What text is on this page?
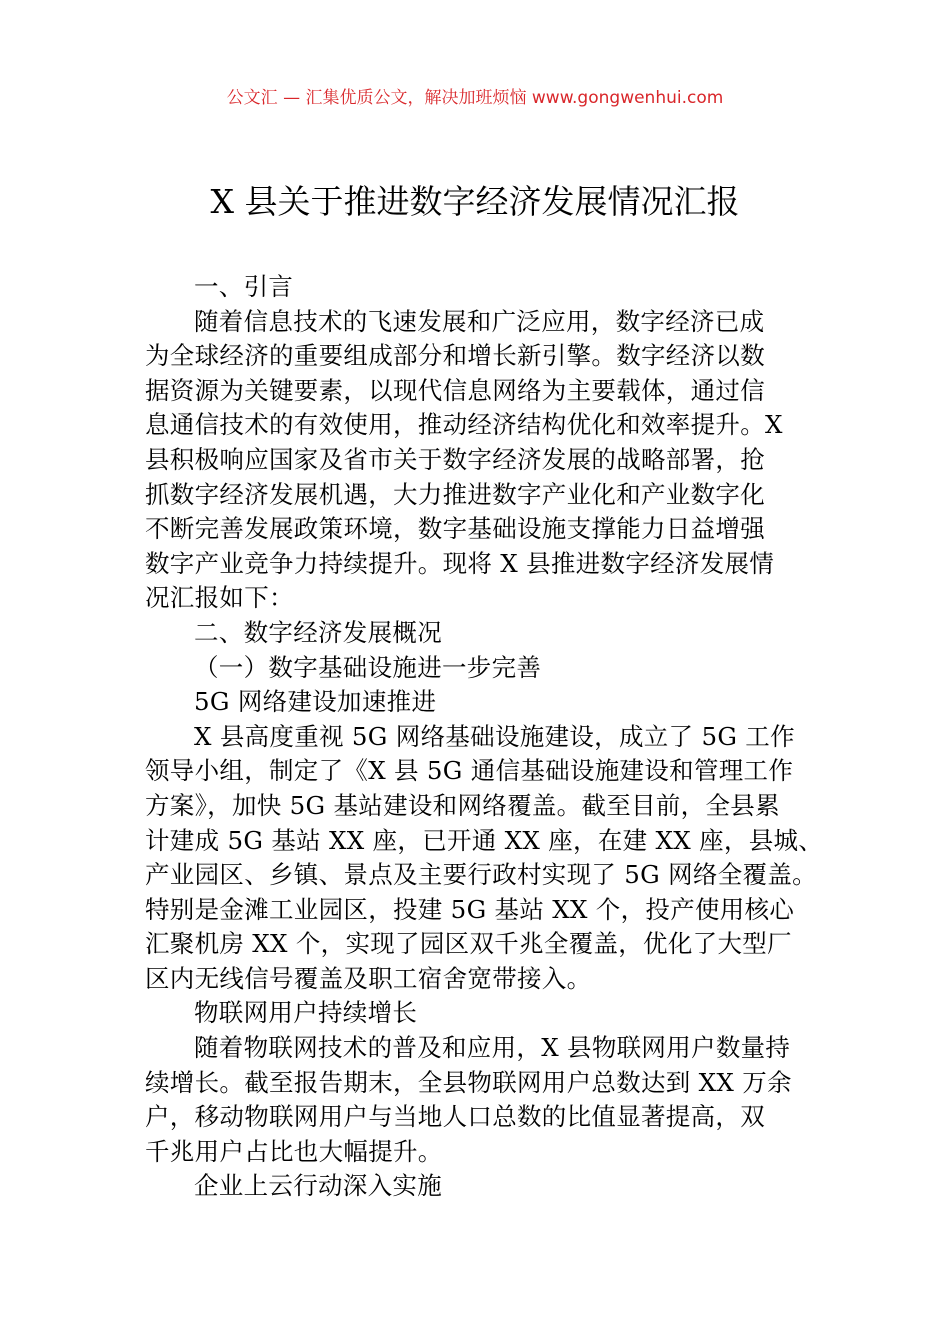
公文汇 — 汇集优质公文，解决加班烦恼 www.gongwenhui.com
X 县关于推进数字经济发展情况汇报
一、引言
随着信息技术的飞速发展和广泛应用，数字经济已成
为全球经济的重要组成部分和增长新引擎。数字经济以数
据资源为关键要素，以现代信息网络为主要载体，通过信
息通信技术的有效使用，推动经济结构优化和效率提升。X
县积极响应国家及省市关于数字经济发展的战略部署，抢
抓数字经济发展机遇，大力推进数字产业化和产业数字化
不断完善发展政策环境，数字基础设施支撑能力日益增强
数字产业竞争力持续提升。现将 X 县推进数字经济发展情
况汇报如下：
二、数字经济发展概况
（一）数字基础设施进一步完善
5G 网络建设加速推进
X 县高度重视 5G 网络基础设施建设，成立了 5G 工作
领导小组，制定了《X 县 5G 通信基础设施建设和管理工作
方案》，加快 5G 基站建设和网络覆盖。截至目前，全县累
计建成 5G 基站 XX 座，已开通 XX 座，在建 XX 座，县城、
产业园区、乡镇、景点及主要行政村实现了 5G 网络全覆盖。
特别是金滩工业园区，投建 5G 基站 XX 个，投产使用核心
汇聚机房 XX 个，实现了园区双千兆全覆盖，优化了大型厂
区内无线信号覆盖及职工宿舍宽带接入。
物联网用户持续增长
随着物联网技术的普及和应用，X 县物联网用户数量持
续增长。截至报告期末，全县物联网用户总数达到 XX 万余
户，移动物联网用户与当地人口总数的比值显著提高，双
千兆用户占比也大幅提升。
企业上云行动深入实施
